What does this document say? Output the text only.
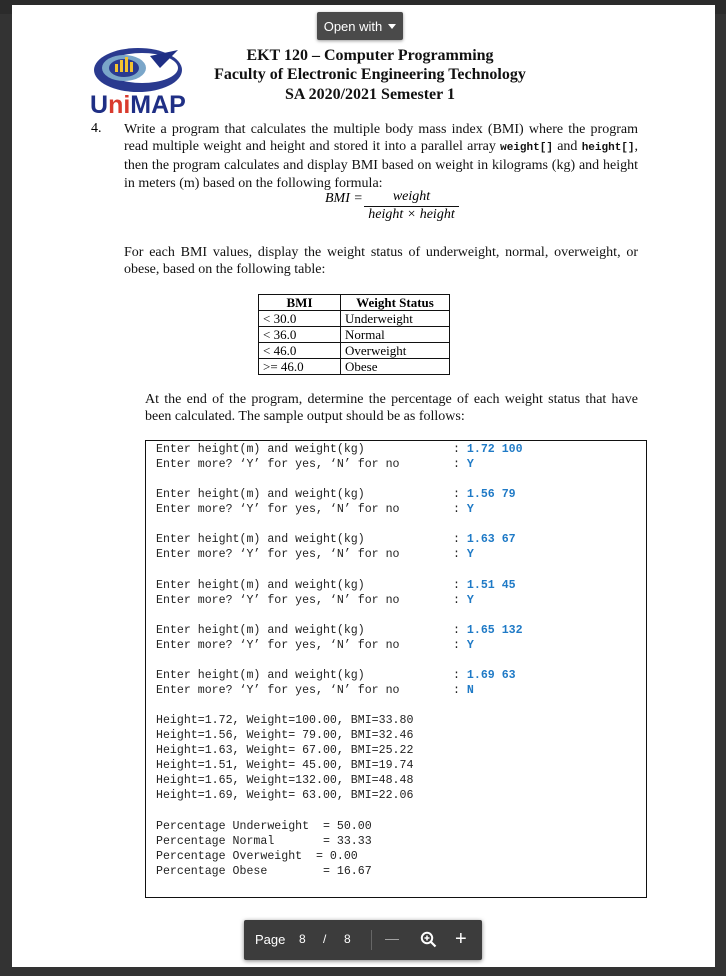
Open with
UniMAP
EKT 120 – Computer Programming
Faculty of Electronic Engineering Technology
SA 2020/2021 Semester 1
4. Write a program that calculates the multiple body mass index (BMI) where the program read multiple weight and height and stored it into a parallel array weight[] and height[], then the program calculates and display BMI based on weight in kilograms (kg) and height in meters (m) based on the following formula:
BMI =	weight
height × height
For each BMI values, display the weight status of underweight, normal, overweight, or obese, based on the following table:
BMI	Weight Status
< 30.0	Underweight
< 36.0	Normal
< 46.0	Overweight
>= 46.0	Obese
At the end of the program, determine the percentage of each weight status that have been calculated. The sample output should be as follows:
Enter height(m) and weight(kg)	: 1.72 100
Enter more? ‘Y’ for yes, ‘N’ for no	: Y
Enter height(m) and weight(kg)	: 1.56 79
Enter more? ‘Y’ for yes, ‘N’ for no	: Y
Enter height(m) and weight(kg)	: 1.63 67
Enter more? ‘Y’ for yes, ‘N’ for no	: Y
Enter height(m) and weight(kg)	: 1.51 45
Enter more? ‘Y’ for yes, ‘N’ for no	: Y
Enter height(m) and weight(kg)	: 1.65 132
Enter more? ‘Y’ for yes, ‘N’ for no	: Y
Enter height(m) and weight(kg)	: 1.69 63
Enter more? ‘Y’ for yes, ‘N’ for no	: N
Height=1.72, Weight=100.00, BMI=33.80
Height=1.56, Weight= 79.00, BMI=32.46
Height=1.63, Weight= 67.00, BMI=25.22
Height=1.51, Weight= 45.00, BMI=19.74
Height=1.65, Weight=132.00, BMI=48.48
Height=1.69, Weight= 63.00, BMI=22.06
Percentage Underweight  = 50.00
Percentage Normal       = 33.33
Percentage Overweight  = 0.00
Percentage Obese        = 16.67
Page 8 / 8 —	+
